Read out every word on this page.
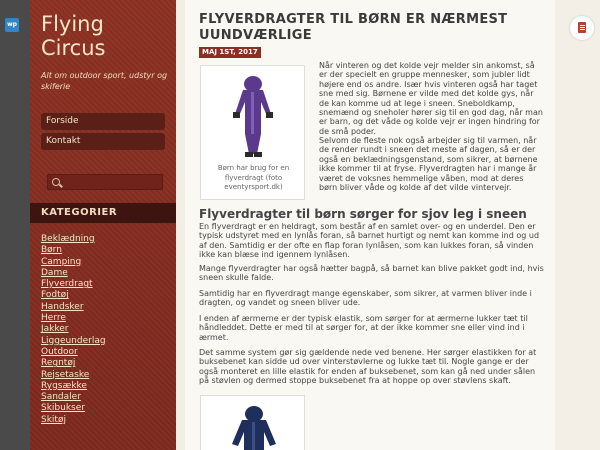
wp Flying Circus

Alt om outdoor sport, udstyr og skiferie

Forside
Kontakt
KATEGORIER
Beklædning
Børn
Camping
Dame
Flyverdragt
Fodtøj
Handsker
Herre
Jakker
Liggeunderlag
Outdoor
Regntøj
Rejsetaske
Rygsække
Sandaler
Skibukser
Skitøj
FLYVERDRAGTER TIL BØRN ER NÆRMEST UUNDVÆRLIGE
MAJ 1ST, 2017
Børn har brug for en flyverdragt (foto eventyrsport.dk)

Når vinteren og det kolde vejr melder sin ankomst, så er der specielt en gruppe mennesker, som jubler lidt højere end os andre. Især hvis vinteren også har taget sne med sig. Børnene er vilde med det kolde gys, når de kan komme ud at lege i sneen. Sneboldkamp, snemænd og sneholer hører sig til en god dag, når man er barn, og det våde og kolde vejr er ingen hindring for de små poder.

Selvom de fleste nok også arbejder sig til varmen, når de render rundt i sneen det meste af dagen, så er der også en beklædningsgenstand, som sikrer, at børnene ikke kommer til at fryse. Flyverdragten har i mange år været de voksnes hemmelige våben, mod at deres børn bliver våde og kolde af det vilde vintervejr.

Flyverdragter til børn sørger for sjov leg i sneen

En flyverdragt er en heldragt, som består af en samlet over- og en underdel. Den er typisk udstyret med en lynlås foran, så barnet hurtigt og nemt kan komme ind og ud af den. Samtidig er der ofte en flap foran lynlåsen, som kan lukkes foran, så vinden ikke kan blæse ind igennem lynlåsen.

Mange flyverdragter har også hætter bagpå, så barnet kan blive pakket godt ind, hvis sneen skulle falde.

Samtidig har en flyverdragt mange egenskaber, som sikrer, at varmen bliver inde i dragten, og vandet og sneen bliver ude.

I enden af ærmerne er der typisk elastik, som sørger for at ærmerne lukker tæt til håndleddet. Dette er med til at sørger for, at der ikke kommer sne eller vind ind i ærmet.

Det samme system gør sig gældende nede ved benene. Her sørger elastikken for at buksebenet kan sidde ud over vinterstøvlerne og lukke tæt til. Nogle gange er der også monteret en lille elastik for enden af buksebenet, som kan gå ned under sålen på støvlen og dermed stoppe buksebenet fra at hoppe op over støvlens skaft.
